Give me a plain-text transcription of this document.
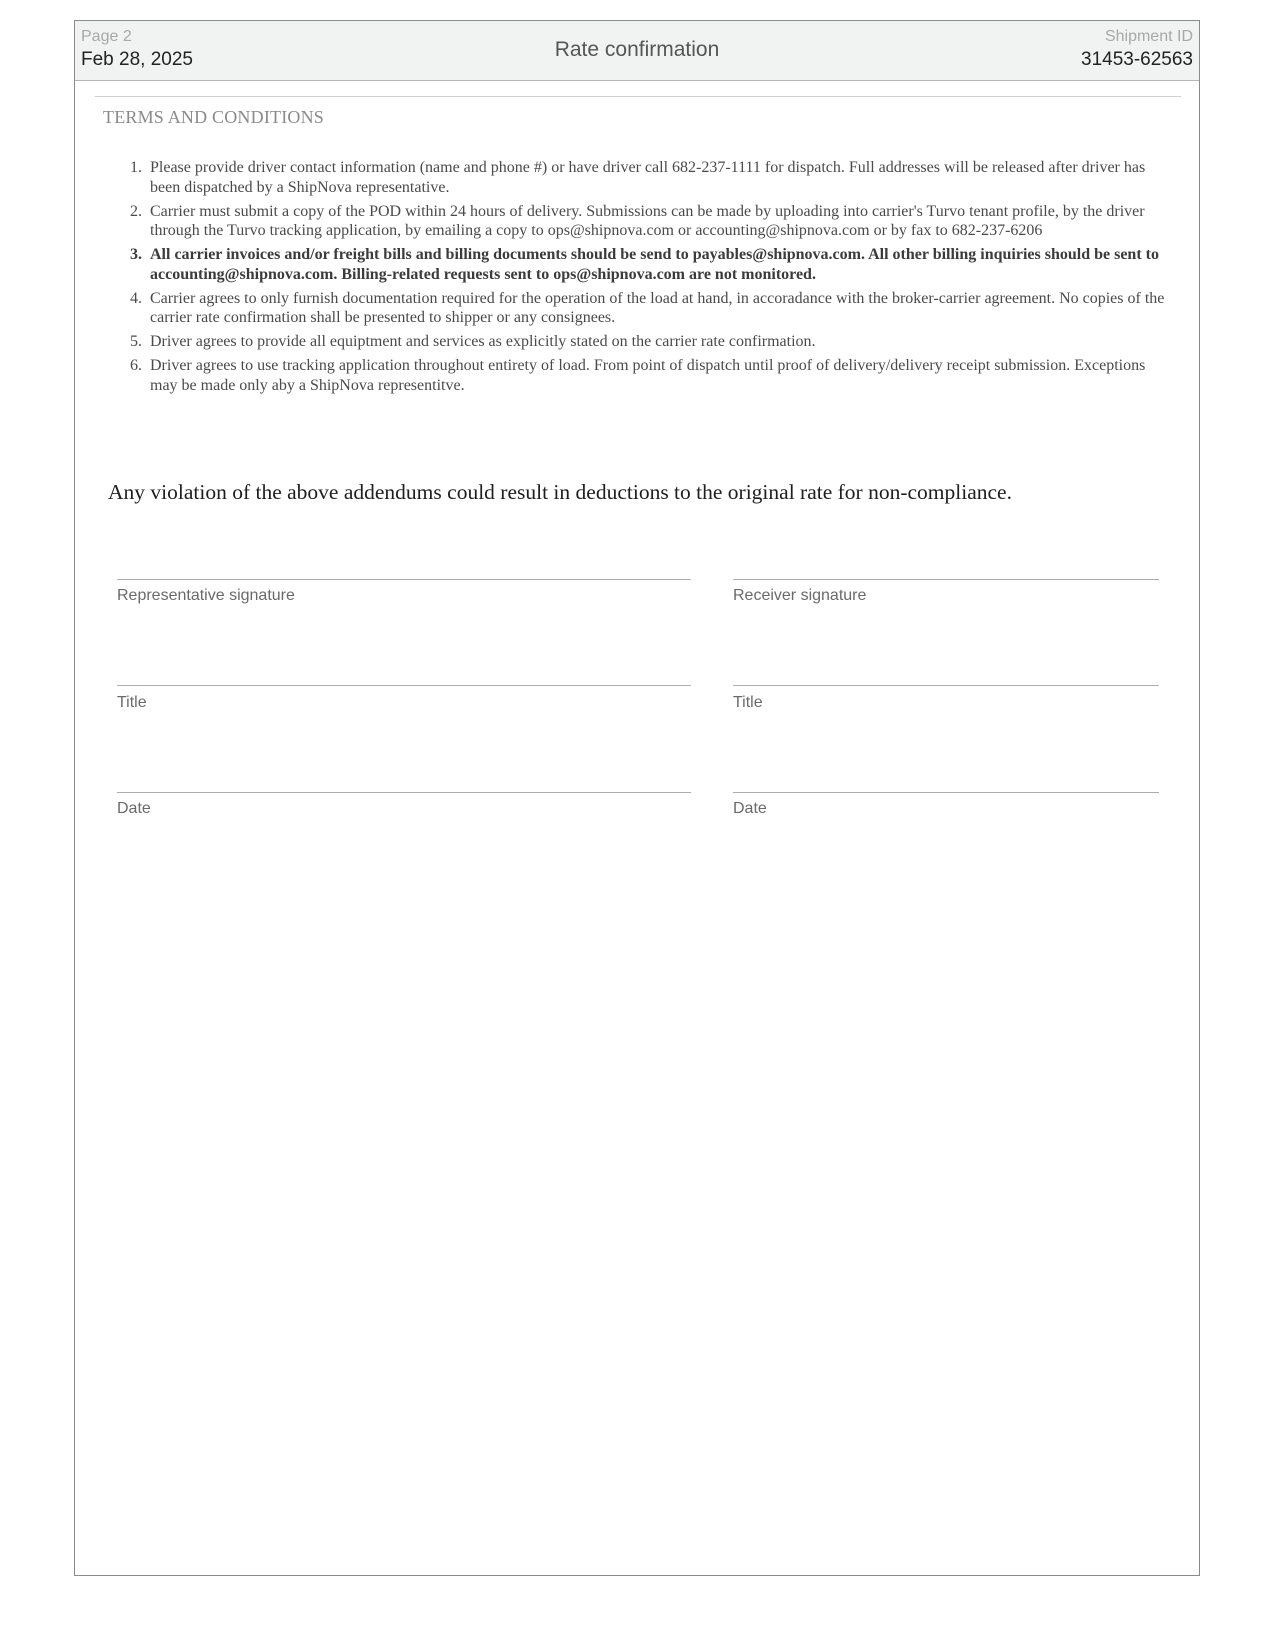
Page 2
Feb 28, 2025	Rate confirmation
Shipment ID
31453-62563
TERMS AND CONDITIONS
1. Please provide driver contact information (name and phone #) or have driver call 682-237-1111 for dispatch. Full addresses will be released after driver has been dispatched by a ShipNova representative.
2. Carrier must submit a copy of the POD within 24 hours of delivery. Submissions can be made by uploading into carrier's Turvo tenant profile, by the driver through the Turvo tracking application, by emailing a copy to ops@shipnova.com or accounting@shipnova.com or by fax to 682-237-6206
3. All carrier invoices and/or freight bills and billing documents should be send to payables@shipnova.com. All other billing inquiries should be sent to accounting@shipnova.com. Billing-related requests sent to ops@shipnova.com are not monitored.
4. Carrier agrees to only furnish documentation required for the operation of the load at hand, in accoradance with the broker-carrier agreement. No copies of the carrier rate confirmation shall be presented to shipper or any consignees.
5. Driver agrees to provide all equiptment and services as explicitly stated on the carrier rate confirmation.
6. Driver agrees to use tracking application throughout entirety of load. From point of dispatch until proof of delivery/delivery receipt submission. Exceptions may be made only aby a ShipNova representitve.
Any violation of the above addendums could result in deductions to the original rate for non-compliance.
Representative signature	Receiver signature
Title	Title
Date	Date
